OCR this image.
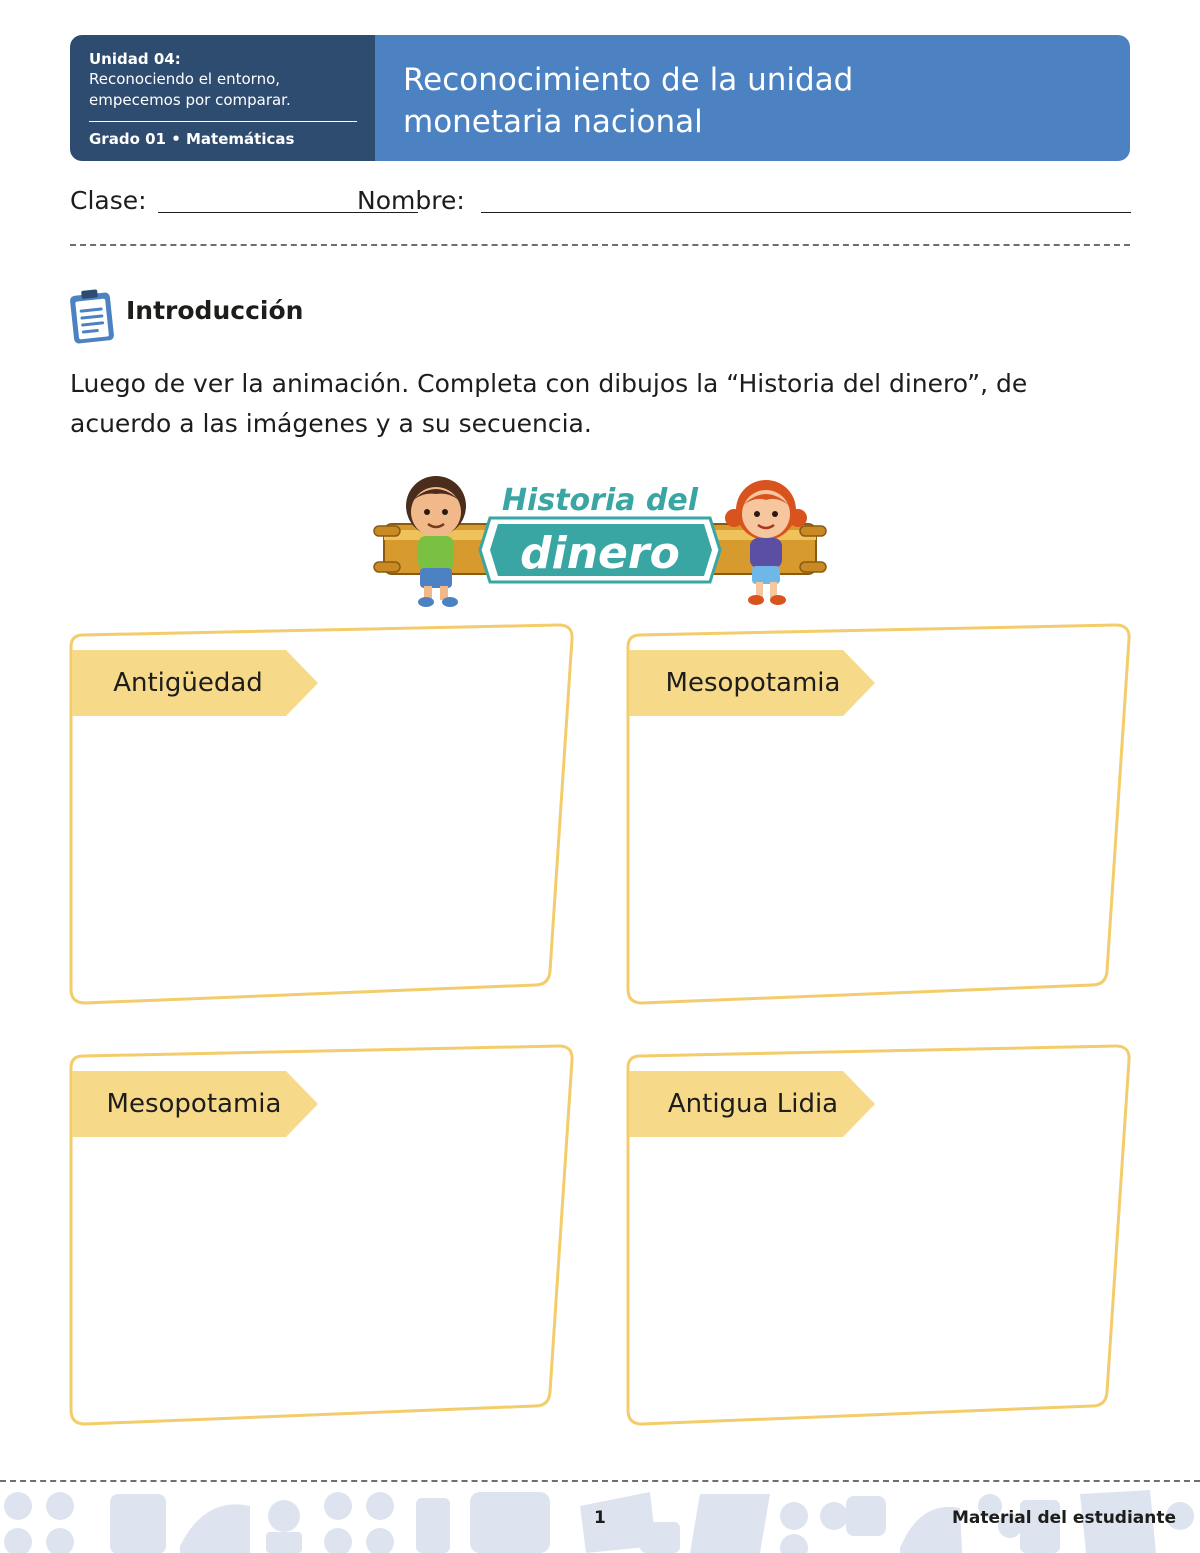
Unidad 04:
Reconociendo el entorno,
empecemos por comparar.
Grado 01 • Matemáticas
Reconocimiento de la unidad
monetaria nacional
Clase:	Nombre:
Introducción
Luego de ver la animación. Completa con dibujos la “Historia del dinero”, de
acuerdo a las imágenes y a su secuencia.
Historia del
dinero
Antigüedad	Mesopotamia
Mesopotamia	Antigua Lidia
1	Material del estudiante
